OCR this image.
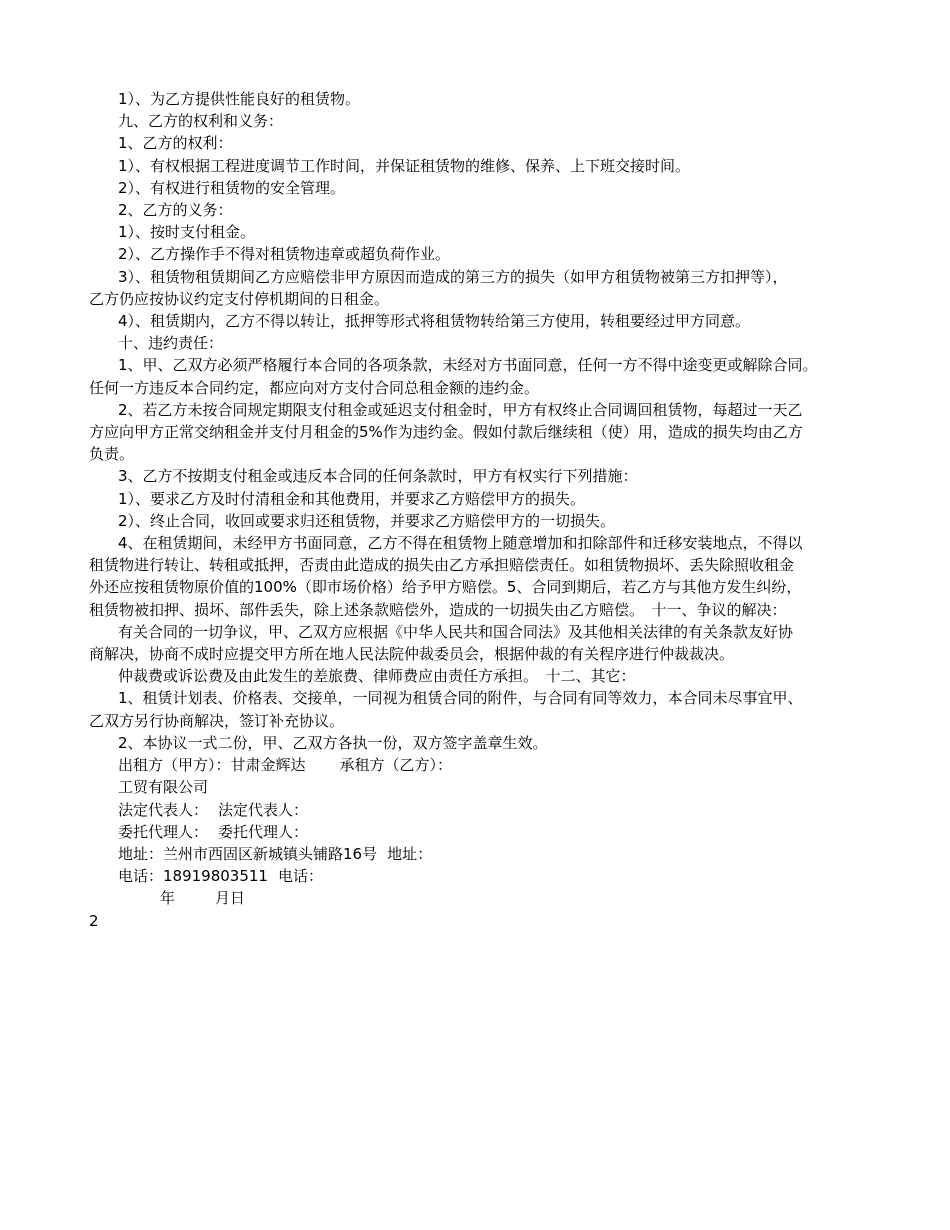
1）、为乙方提供性能良好的租赁物。

九、乙方的权利和义务：

1、乙方的权利：

1）、有权根据工程进度调节工作时间，并保证租赁物的维修、保养、上下班交接时间。

2）、有权进行租赁物的安全管理。

2、乙方的义务：

1）、按时支付租金。

2）、乙方操作手不得对租赁物违章或超负荷作业。

3）、租赁物租赁期间乙方应赔偿非甲方原因而造成的第三方的损失（如甲方租赁物被第三方扣押等），

乙方仍应按协议约定支付停机期间的日租金。

4）、租赁期内，乙方不得以转让，抵押等形式将租赁物转给第三方使用，转租要经过甲方同意。

十、违约责任：

1、甲、乙双方必须严格履行本合同的各项条款，未经对方书面同意，任何一方不得中途变更或解除合同。

任何一方违反本合同约定，都应向对方支付合同总租金额的违约金。

2、若乙方未按合同规定期限支付租金或延迟支付租金时，甲方有权终止合同调回租赁物，每超过一天乙

方应向甲方正常交纳租金并支付月租金的5%作为违约金。假如付款后继续租（使）用，造成的损失均由乙方

负责。

3、乙方不按期支付租金或违反本合同的任何条款时，甲方有权实行下列措施：

1）、要求乙方及时付清租金和其他费用，并要求乙方赔偿甲方的损失。

2）、终止合同，收回或要求归还租赁物，并要求乙方赔偿甲方的一切损失。

4、在租赁期间，未经甲方书面同意，乙方不得在租赁物上随意增加和扣除部件和迁移安装地点，不得以

租赁物进行转让、转租或抵押，否责由此造成的损失由乙方承担赔偿责任。如租赁物损坏、丢失除照收租金

外还应按租赁物原价值的100%（即市场价格）给予甲方赔偿。5、合同到期后，若乙方与其他方发生纠纷，

租赁物被扣押、损坏、部件丢失，除上述条款赔偿外，造成的一切损失由乙方赔偿。　十一、争议的解决：

有关合同的一切争议，甲、乙双方应根据《中华人民共和国合同法》及其他相关法律的有关条款友好协

商解决，协商不成时应提交甲方所在地人民法院仲裁委员会，根据仲裁的有关程序进行仲裁裁决。

仲裁费或诉讼费及由此发生的差旅费、律师费应由责任方承担。　十二、其它：

1、租赁计划表、价格表、交接单，一同视为租赁合同的附件，与合同有同等效力，本合同未尽事宜甲、

乙双方另行协商解决，签订补充协议。

2、本协议一式二份，甲、乙双方各执一份，双方签字盖章生效。

出租方（甲方）：甘肃金辉达 承租方（乙方）：

工贸有限公司

法定代表人： 法定代表人：

委托代理人： 委托代理人：

地址：兰州市西固区新城镇头铺路16号 地址：

电话：18919803511 电话：

年	月日

2
